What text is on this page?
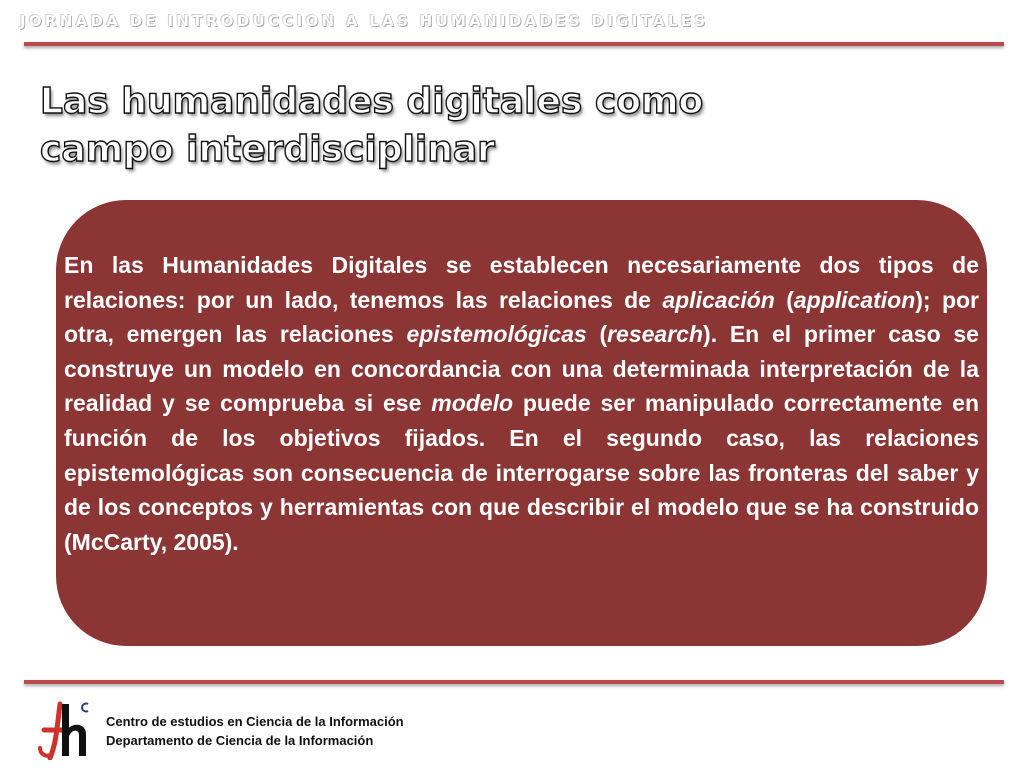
JORNADA DE INTRODUCCION A LAS HUMANIDADES DIGITALES
Las humanidades digitales como
campo interdisciplinar

En las Humanidades Digitales se establecen necesariamente dos tipos de relaciones: por un lado, tenemos las relaciones de aplicación (application); por otra, emergen las relaciones epistemológicas (research). En el primer caso se construye un modelo en concordancia con una determinada interpretación de la realidad y se comprueba si ese modelo puede ser manipulado correctamente en función de los objetivos fijados. En el segundo caso, las relaciones epistemológicas son consecuencia de interrogarse sobre las fronteras del saber y de los conceptos y herramientas con que describir el modelo que se ha construido (McCarty, 2005).

Centro de estudios en Ciencia de la Información
Departamento de Ciencia de la Información
